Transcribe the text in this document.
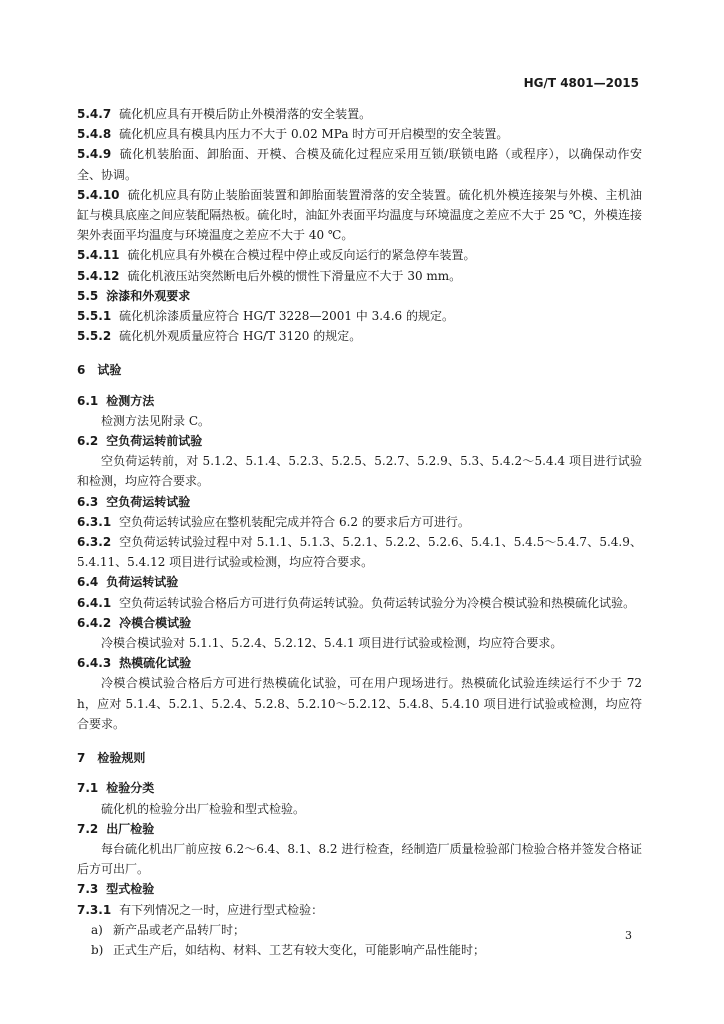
HG/T 4801—2015

5.4.7 硫化机应具有开模后防止外模滑落的安全装置。

5.4.8 硫化机应具有模具内压力不大于 0.02 MPa 时方可开启模型的安全装置。

5.4.9 硫化机装胎面、卸胎面、开模、合模及硫化过程应采用互锁/联锁电路（或程序），以确保动作安全、协调。

5.4.10 硫化机应具有防止装胎面装置和卸胎面装置滑落的安全装置。硫化机外模连接架与外模、主机油缸与模具底座之间应装配隔热板。硫化时，油缸外表面平均温度与环境温度之差应不大于 25 ℃，外模连接架外表面平均温度与环境温度之差应不大于 40 ℃。

5.4.11 硫化机应具有外模在合模过程中停止或反向运行的紧急停车装置。

5.4.12 硫化机液压站突然断电后外模的惯性下滑量应不大于 30 mm。

5.5 涂漆和外观要求

5.5.1 硫化机涂漆质量应符合 HG/T 3228—2001 中 3.4.6 的规定。

5.5.2 硫化机外观质量应符合 HG/T 3120 的规定。

6 试验

6.1 检测方法

检测方法见附录 C。

6.2 空负荷运转前试验

空负荷运转前，对 5.1.2、5.1.4、5.2.3、5.2.5、5.2.7、5.2.9、5.3、5.4.2～5.4.4 项目进行试验和检测，均应符合要求。

6.3 空负荷运转试验

6.3.1 空负荷运转试验应在整机装配完成并符合 6.2 的要求后方可进行。

6.3.2 空负荷运转试验过程中对 5.1.1、5.1.3、5.2.1、5.2.2、5.2.6、5.4.1、5.4.5～5.4.7、5.4.9、5.4.11、5.4.12 项目进行试验或检测，均应符合要求。

6.4 负荷运转试验

6.4.1 空负荷运转试验合格后方可进行负荷运转试验。负荷运转试验分为冷模合模试验和热模硫化试验。

6.4.2 冷模合模试验

冷模合模试验对 5.1.1、5.2.4、5.2.12、5.4.1 项目进行试验或检测，均应符合要求。

6.4.3 热模硫化试验

冷模合模试验合格后方可进行热模硫化试验，可在用户现场进行。热模硫化试验连续运行不少于 72 h，应对 5.1.4、5.2.1、5.2.4、5.2.8、5.2.10～5.2.12、5.4.8、5.4.10 项目进行试验或检测，均应符合要求。

7 检验规则

7.1 检验分类

硫化机的检验分出厂检验和型式检验。

7.2 出厂检验

每台硫化机出厂前应按 6.2～6.4、8.1、8.2 进行检查，经制造厂质量检验部门检验合格并签发合格证后方可出厂。

7.3 型式检验

7.3.1 有下列情况之一时，应进行型式检验：

a) 新产品或老产品转厂时；

b) 正式生产后，如结构、材料、工艺有较大变化，可能影响产品性能时；

3
